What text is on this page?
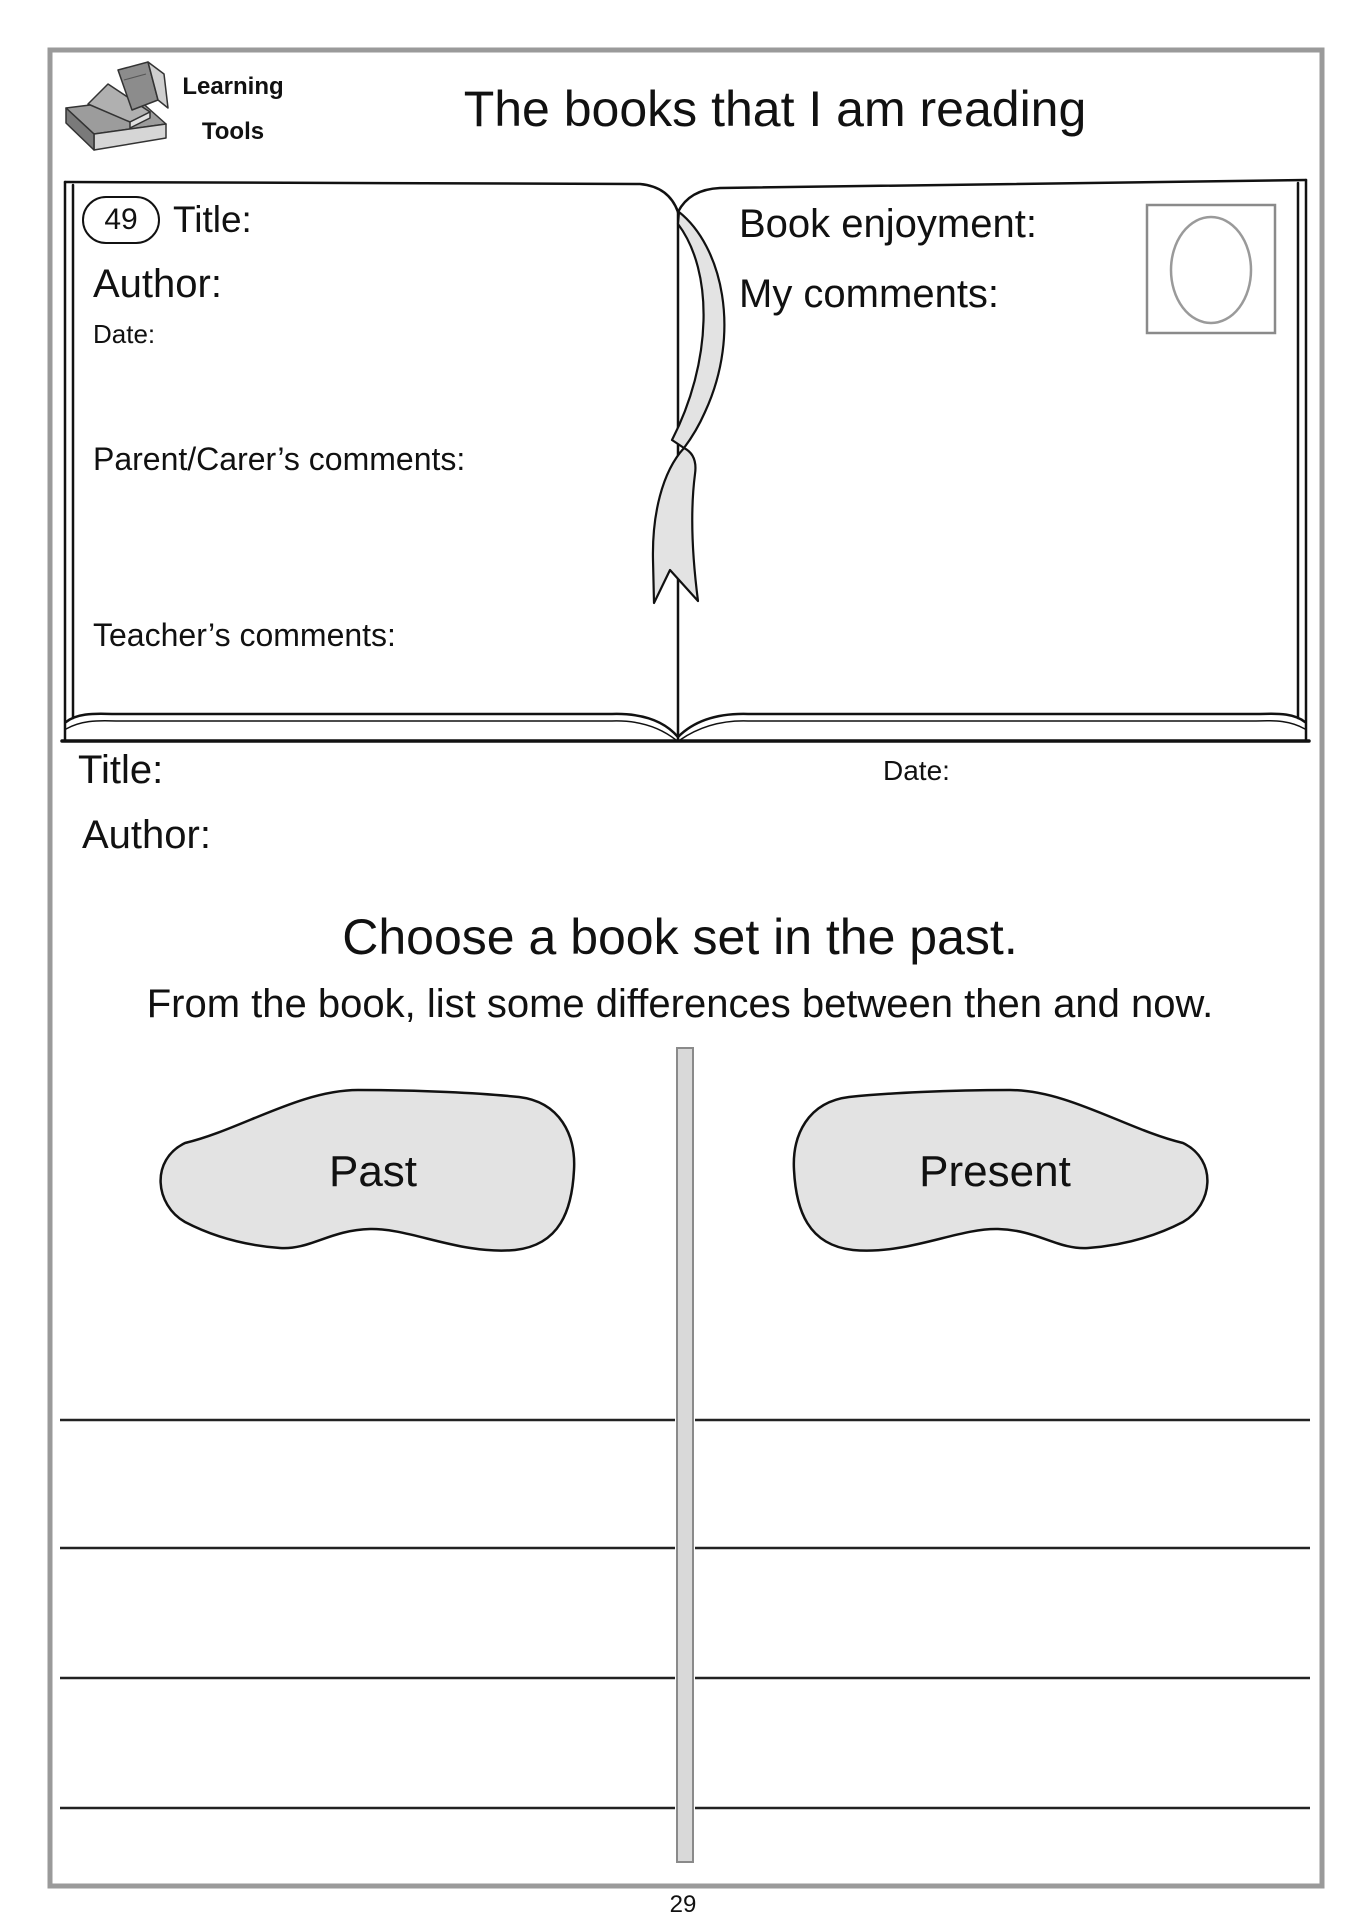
Learning
Tools	The books that I am reading
49 Title:
Author:
Date:
Parent/Carer’s comments:
Teacher’s comments:
Book enjoyment:
My comments:
Title:	Date:
Author:
Choose a book set in the past.
From the book, list some differences between then and now.
Past	Present
29
